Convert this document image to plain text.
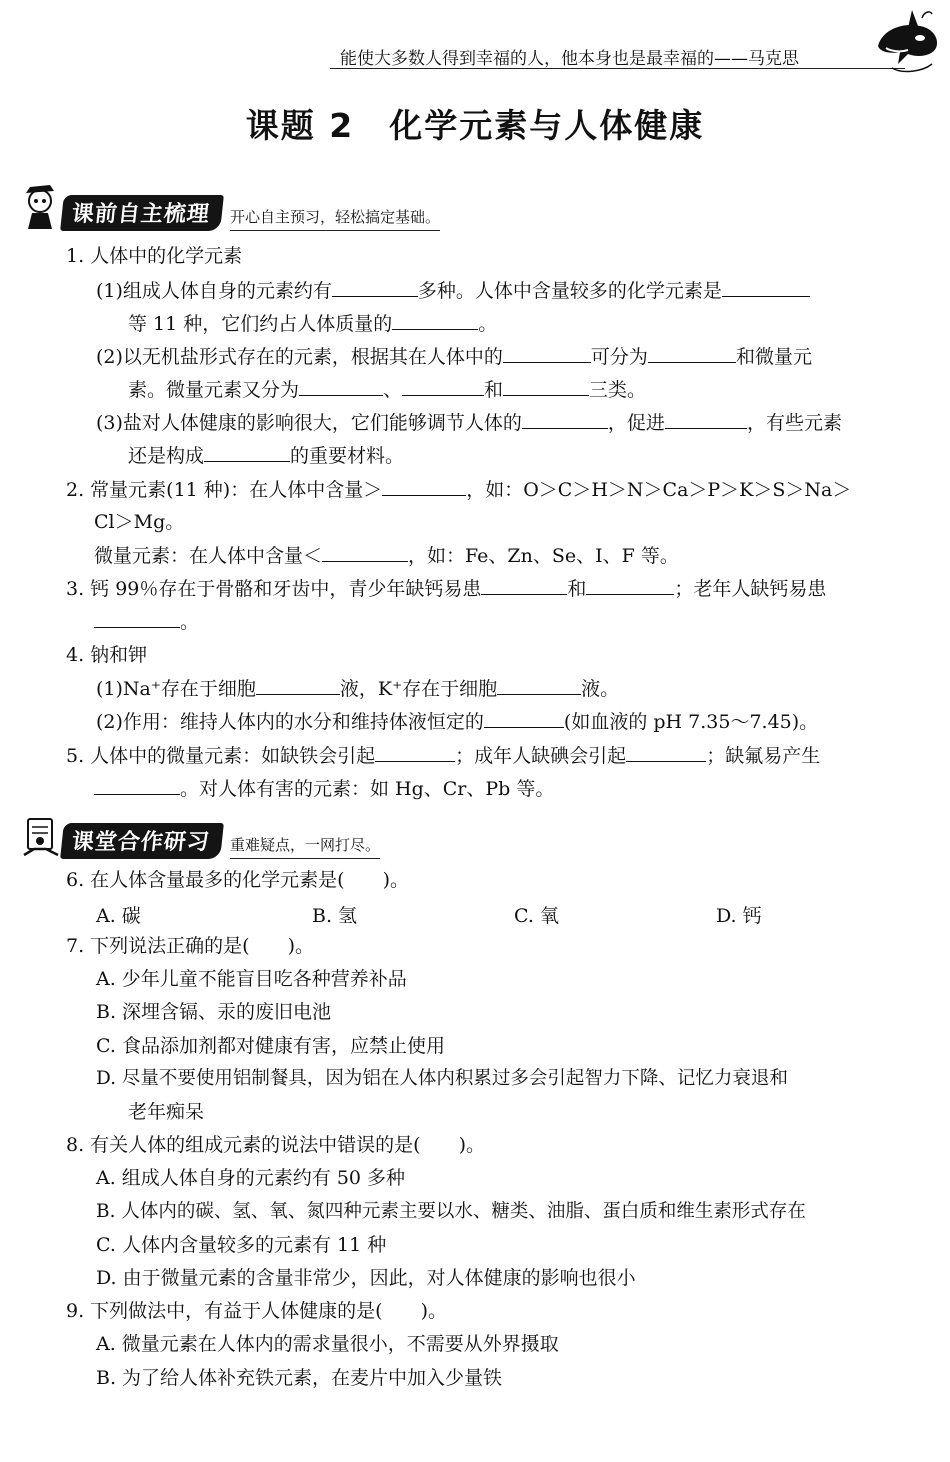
能使大多数人得到幸福的人，他本身也是最幸福的——马克思
课题 2　化学元素与人体健康
课前自主梳理	开心自主预习，轻松搞定基础。
1. 人体中的化学元素
(1)组成人体自身的元素约有	多种。人体中含量较多的化学元素是
等 11 种，它们约占人体质量的	。
(2)以无机盐形式存在的元素，根据其在人体中的	可分为	和微量元
素。微量元素又分为	、	和	三类。
(3)盐对人体健康的影响很大，它们能够调节人体的	，促进	，有些元素
还是构成	的重要材料。
2. 常量元素(11 种)：在人体中含量＞	，如：O＞C＞H＞N＞Ca＞P＞K＞S＞Na＞
Cl＞Mg。
微量元素：在人体中含量＜	，如：Fe、Zn、Se、I、F 等。
3. 钙 99％存在于骨骼和牙齿中，青少年缺钙易患	和	；老年人缺钙易患
。
4. 钠和钾
(1)Na⁺存在于细胞	液，K⁺存在于细胞	液。
(2)作用：维持人体内的水分和维持体液恒定的	(如血液的 pH 7.35～7.45)。
5. 人体中的微量元素：如缺铁会引起	；成年人缺碘会引起	；缺氟易产生
。对人体有害的元素：如 Hg、Cr、Pb 等。
课堂合作研习	重难疑点，一网打尽。
6. 在人体含量最多的化学元素是(　　)。
A. 碳	B. 氢	C. 氧	D. 钙
7. 下列说法正确的是(　　)。
A. 少年儿童不能盲目吃各种营养补品
B. 深埋含镉、汞的废旧电池
C. 食品添加剂都对健康有害，应禁止使用
D. 尽量不要使用铝制餐具，因为铝在人体内积累过多会引起智力下降、记忆力衰退和
老年痴呆
8. 有关人体的组成元素的说法中错误的是(　　)。
A. 组成人体自身的元素约有 50 多种
B. 人体内的碳、氢、氧、氮四种元素主要以水、糖类、油脂、蛋白质和维生素形式存在
C. 人体内含量较多的元素有 11 种
D. 由于微量元素的含量非常少，因此，对人体健康的影响也很小
9. 下列做法中，有益于人体健康的是(　　)。
A. 微量元素在人体内的需求量很小，不需要从外界摄取
B. 为了给人体补充铁元素，在麦片中加入少量铁
